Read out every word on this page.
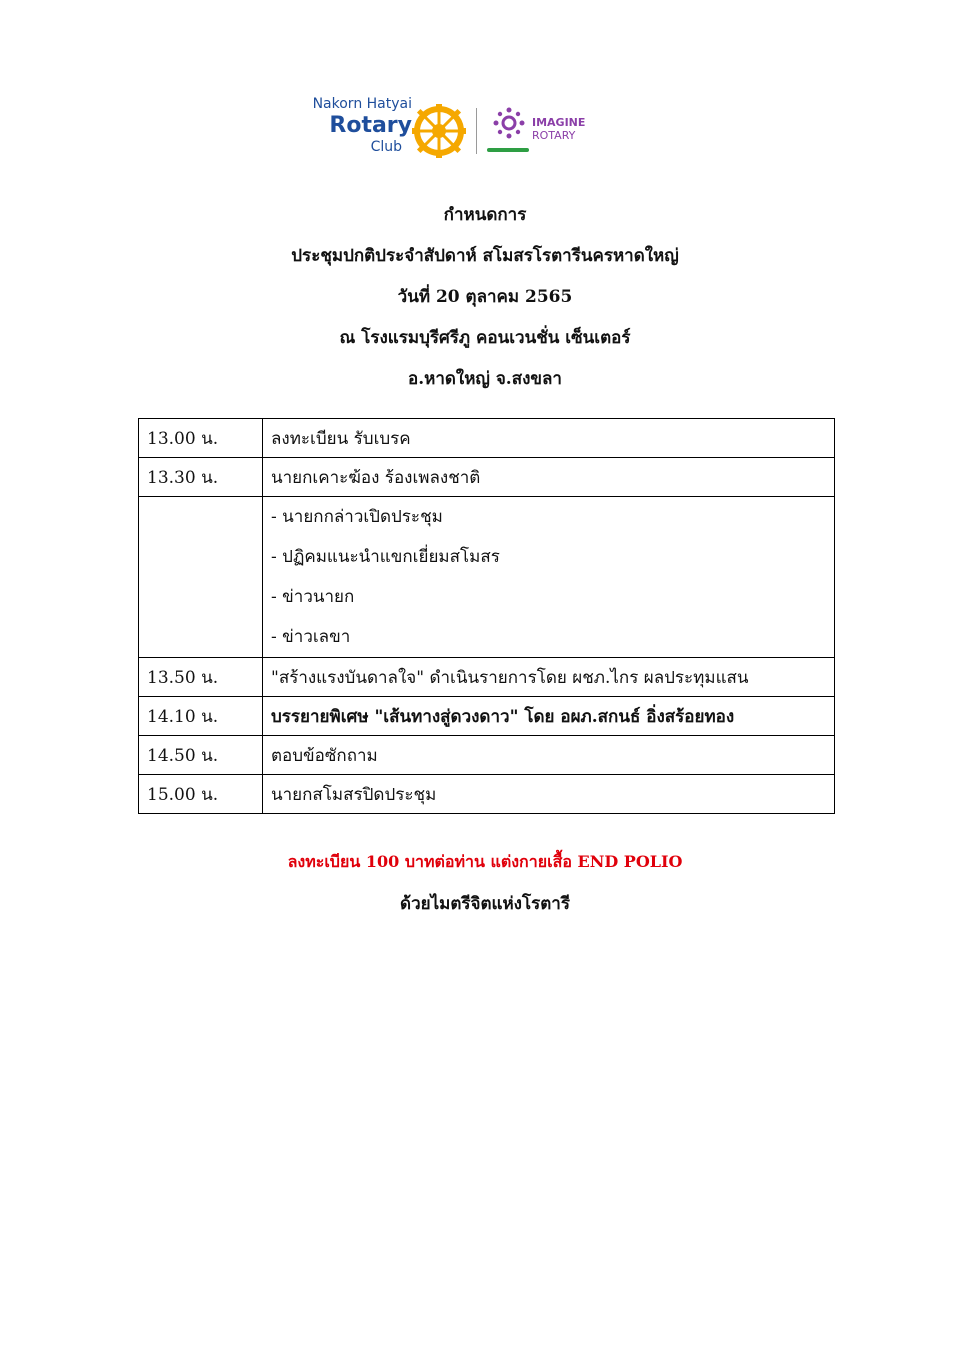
Nakorn Hatyai
Rotary
Club
IMAGINE
ROTARY
กำหนดการ
ประชุมปกติประจำสัปดาห์ สโมสรโรตารีนครหาดใหญ่
วันที่ 20 ตุลาคม 2565
ณ โรงแรมบุรีศรีภู คอนเวนชั่น เซ็นเตอร์
อ.หาดใหญ่ จ.สงขลา
13.00 น.	ลงทะเบียน รับเบรค
13.30 น.	นายกเคาะฆ้อง ร้องเพลงชาติ

	- นายกกล่าวเปิดประชุม
- ปฏิคมแนะนำแขกเยี่ยมสโมสร
- ข่าวนายก
- ข่าวเลขา

13.50 น.	"สร้างแรงบันดาลใจ" ดำเนินรายการโดย ผชภ.ไกร ผลประทุมแสน
14.10 น.	บรรยายพิเศษ "เส้นทางสู่ดวงดาว" โดย อผภ.สกนธ์ อิ่งสร้อยทอง
14.50 น.	ตอบข้อซักถาม
15.00 น.	นายกสโมสรปิดประชุม
ลงทะเบียน 100 บาทต่อท่าน แต่งกายเสื้อ END POLIO
ด้วยไมตรีจิตแห่งโรตารี
